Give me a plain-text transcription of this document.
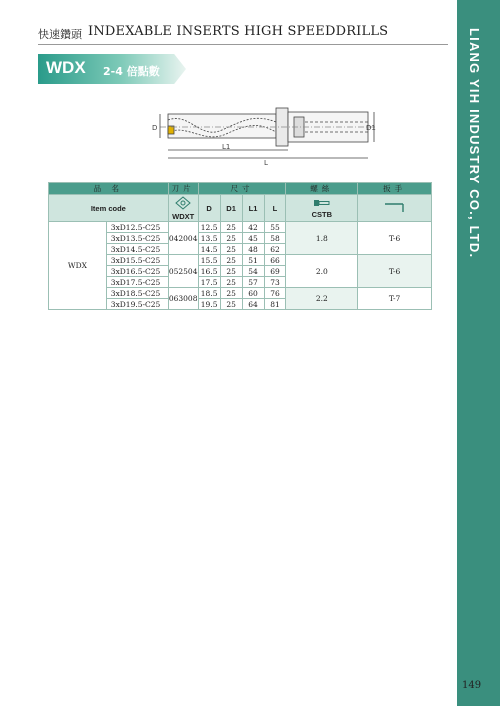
快速鑽頭 INDEXABLE INSERTS HIGH SPEEDDRILLS
WDX 2-4 倍點數	LIANG YIH INDUSTRY CO., LTD.
D	D1
L1
L
品 名		刀片	尺寸				螺絲	扳手
Item code		WDXT	D	D1	L1	L	CSTB	
WDX	3xD12.5-C25	042004	12.5	25	42	55	1.8	T-6
	3xD13.5-C25		13.5	25	45	58		
	3xD14.5-C25		14.5	25	48	62		
	3xD15.5-C25	052504	15.5	25	51	66	2.0	T-6
	3xD16.5-C25		16.5	25	54	69		
	3xD17.5-C25		17.5	25	57	73		
	3xD18.5-C25	063008	18.5	25	60	76	2.2	T-7
	3xD19.5-C25		19.5	25	64	81		
149
